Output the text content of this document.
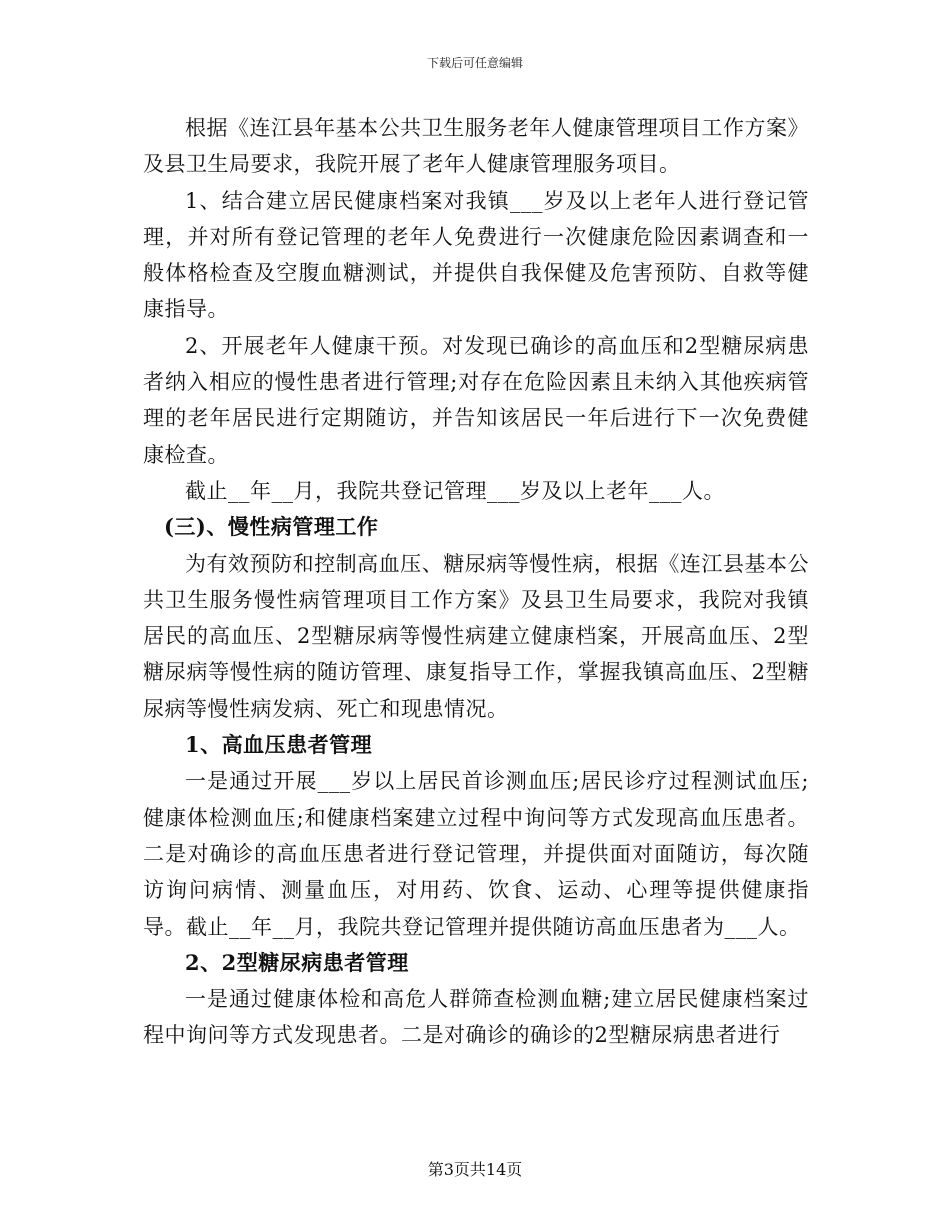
下载后可任意编辑

根据《连江县年基本公共卫生服务老年人健康管理项目工作方案》及县卫生局要求，我院开展了老年人健康管理服务项目。

1、结合建立居民健康档案对我镇___岁及以上老年人进行登记管理，并对所有登记管理的老年人免费进行一次健康危险因素调查和一般体格检查及空腹血糖测试，并提供自我保健及危害预防、自救等健康指导。

2、开展老年人健康干预。对发现已确诊的高血压和2型糖尿病患者纳入相应的慢性患者进行管理;对存在危险因素且未纳入其他疾病管理的老年居民进行定期随访，并告知该居民一年后进行下一次免费健康检查。

截止__年__月，我院共登记管理___岁及以上老年___人。

(三)、慢性病管理工作

为有效预防和控制高血压、糖尿病等慢性病，根据《连江县基本公共卫生服务慢性病管理项目工作方案》及县卫生局要求，我院对我镇居民的高血压、2型糖尿病等慢性病建立健康档案，开展高血压、2型糖尿病等慢性病的随访管理、康复指导工作，掌握我镇高血压、2型糖尿病等慢性病发病、死亡和现患情况。

1、高血压患者管理

一是通过开展___岁以上居民首诊测血压;居民诊疗过程测试血压;健康体检测血压;和健康档案建立过程中询问等方式发现高血压患者。二是对确诊的高血压患者进行登记管理，并提供面对面随访，每次随访询问病情、测量血压，对用药、饮食、运动、心理等提供健康指导。截止__年__月，我院共登记管理并提供随访高血压患者为___人。

2、2型糖尿病患者管理

一是通过健康体检和高危人群筛查检测血糖;建立居民健康档案过程中询问等方式发现患者。二是对确诊的确诊的2型糖尿病患者进行

第3页共14页
